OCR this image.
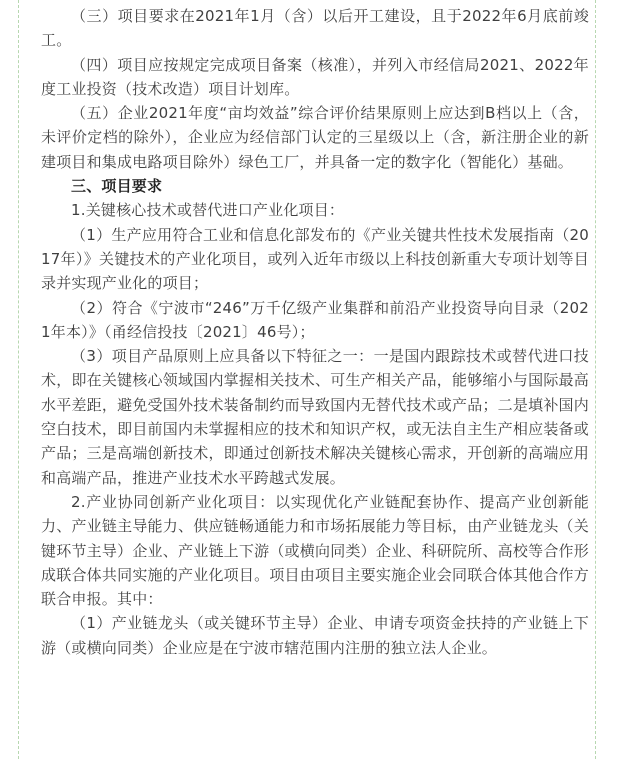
（三）项目要求在2021年1月（含）以后开工建设，且于2022年6月底前竣工。

（四）项目应按规定完成项目备案（核准），并列入市经信局2021、2022年度工业投资（技术改造）项目计划库。

（五）企业2021年度“亩均效益”综合评价结果原则上应达到B档以上（含，未评价定档的除外），企业应为经信部门认定的三星级以上（含，新注册企业的新建项目和集成电路项目除外）绿色工厂，并具备一定的数字化（智能化）基础。

三、项目要求

1.关键核心技术或替代进口产业化项目：

（1）生产应用符合工业和信息化部发布的《产业关键共性技术发展指南（2017年）》关键技术的产业化项目，或列入近年市级以上科技创新重大专项计划等目录并实现产业化的项目；

（2）符合《宁波市“246”万千亿级产业集群和前沿产业投资导向目录（2021年本）》（甬经信投技〔2021〕46号）；

（3）项目产品原则上应具备以下特征之一：一是国内跟踪技术或替代进口技术，即在关键核心领域国内掌握相关技术、可生产相关产品，能够缩小与国际最高水平差距，避免受国外技术装备制约而导致国内无替代技术或产品；二是填补国内空白技术，即目前国内未掌握相应的技术和知识产权，或无法自主生产相应装备或产品；三是高端创新技术，即通过创新技术解决关键核心需求，开创新的高端应用和高端产品，推进产业技术水平跨越式发展。

2.产业协同创新产业化项目：以实现优化产业链配套协作、提高产业创新能力、产业链主导能力、供应链畅通能力和市场拓展能力等目标，由产业链龙头（关键环节主导）企业、产业链上下游（或横向同类）企业、科研院所、高校等合作形成联合体共同实施的产业化项目。项目由项目主要实施企业会同联合体其他合作方联合申报。其中：

（1）产业链龙头（或关键环节主导）企业、申请专项资金扶持的产业链上下游（或横向同类）企业应是在宁波市辖范围内注册的独立法人企业。
